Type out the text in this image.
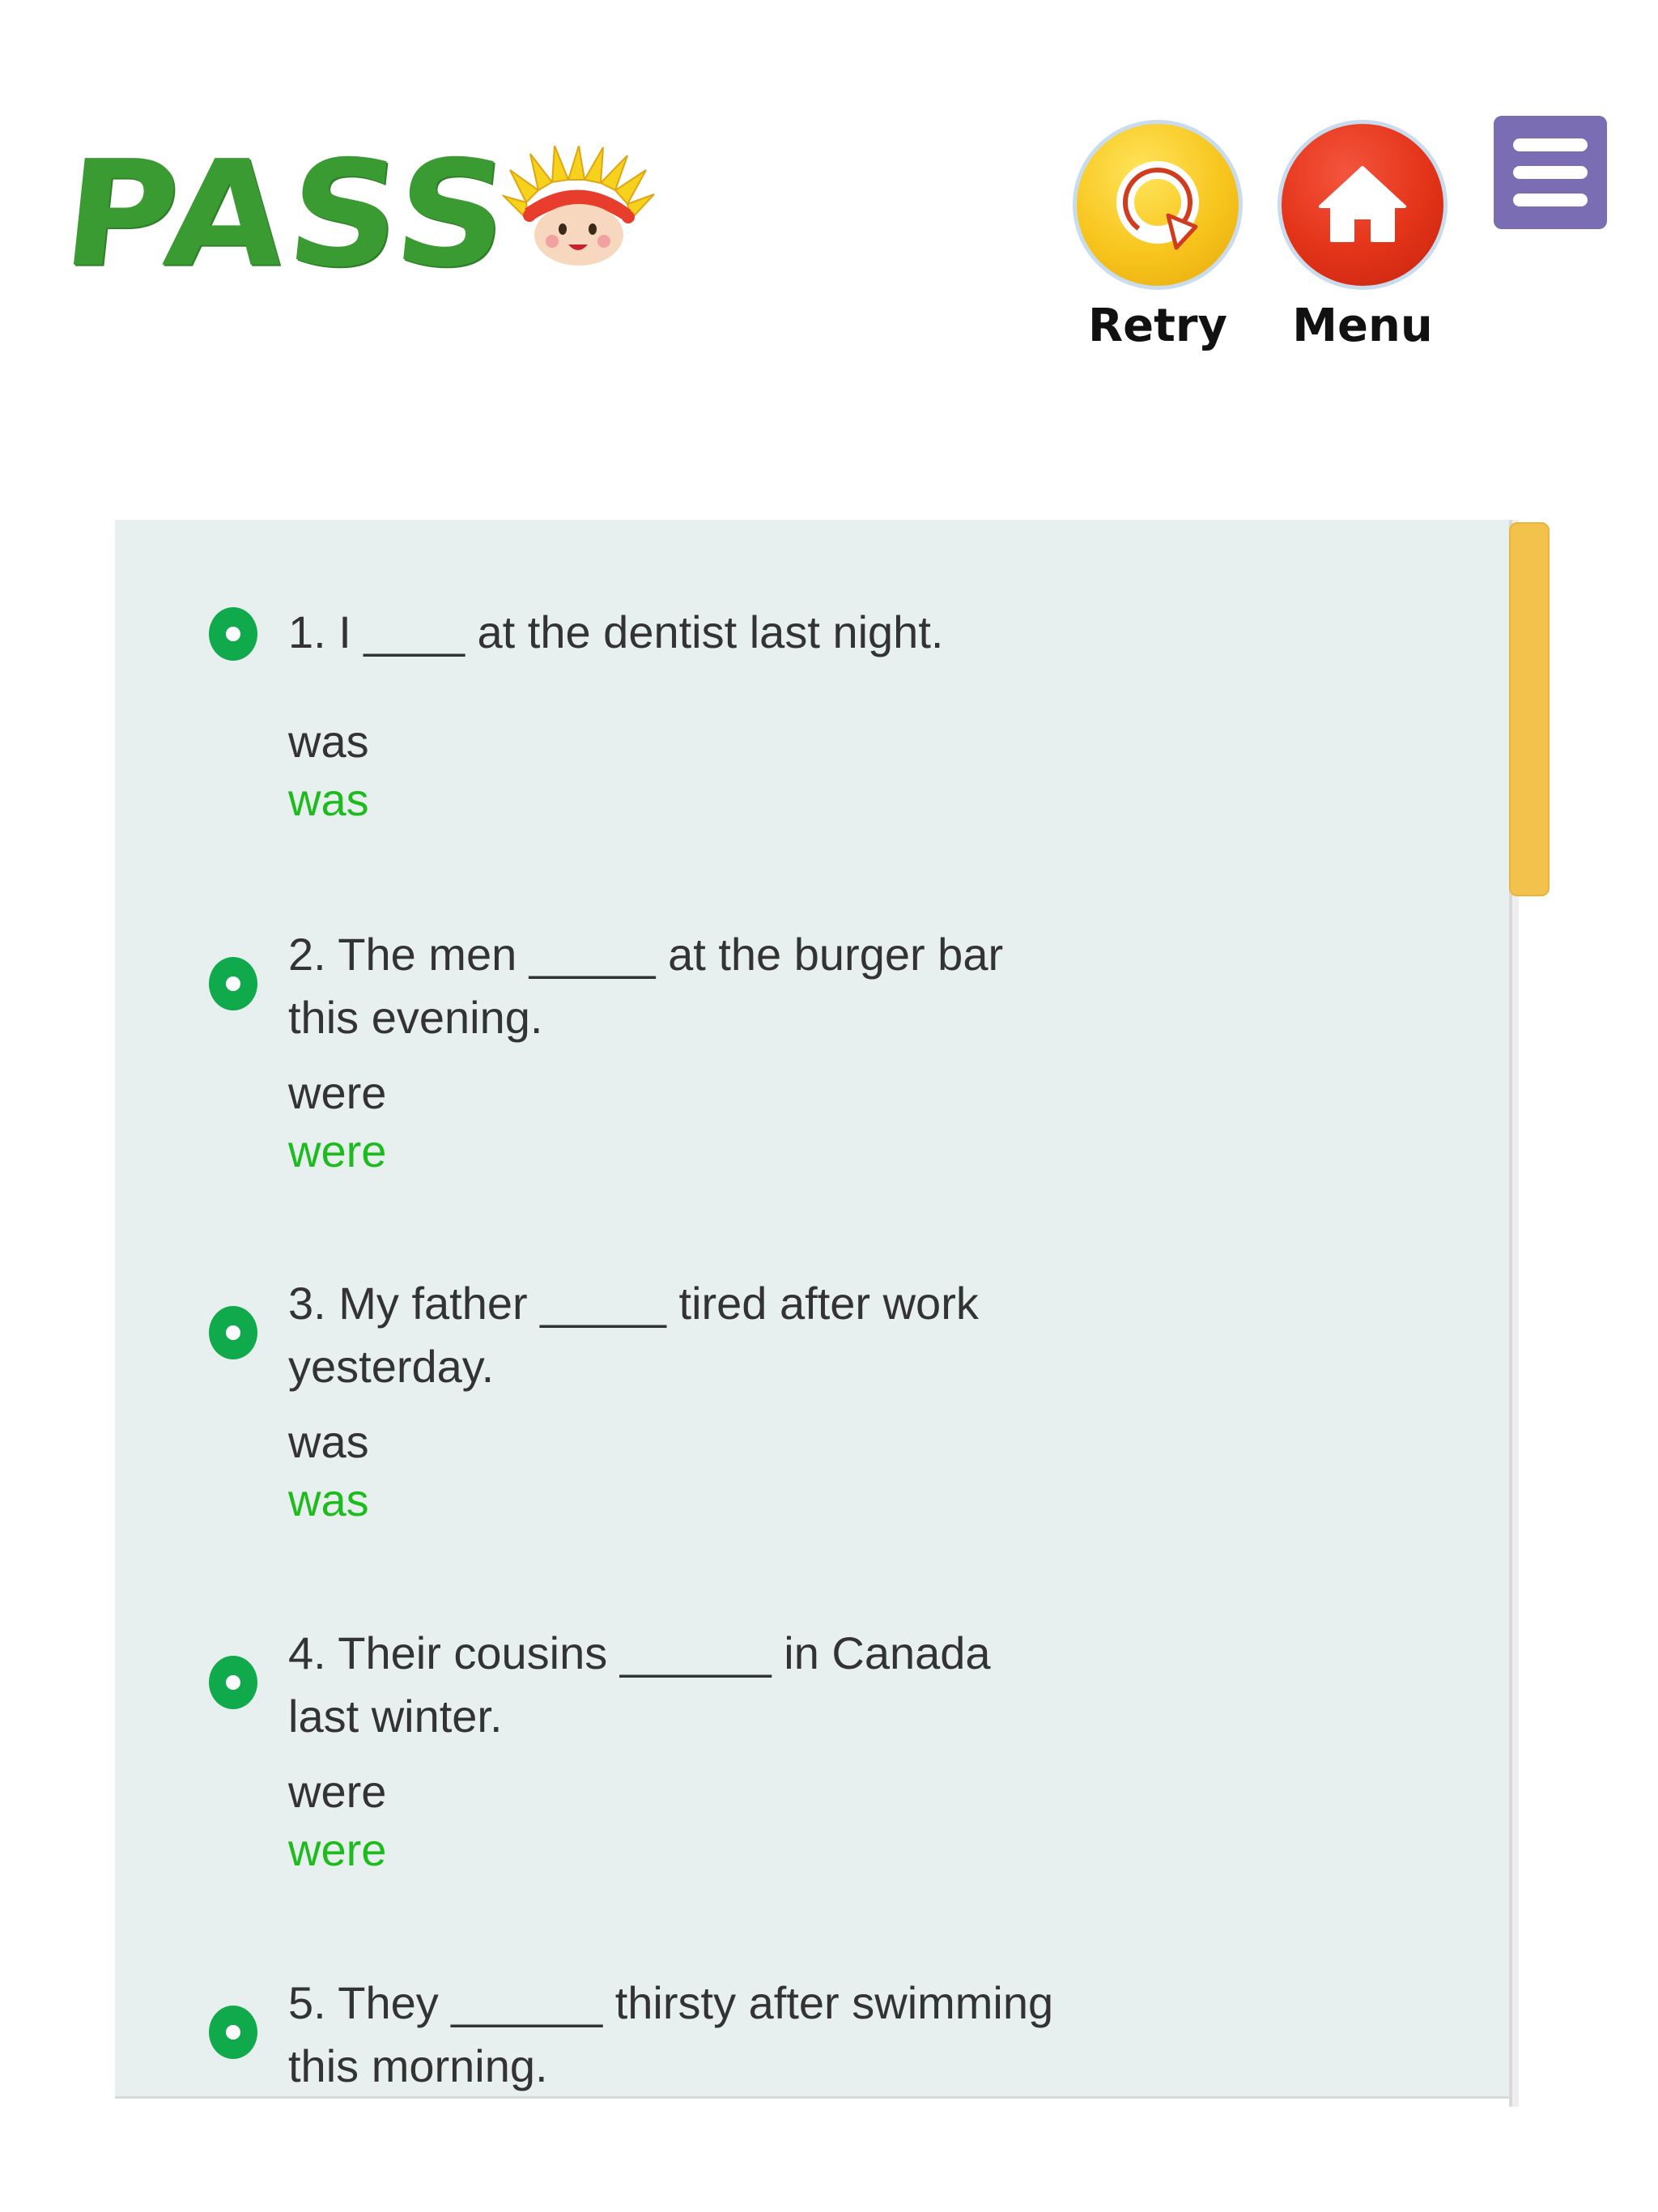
PASS
Retry Menu
1. I ____ at the dentist last night.
was
was
2. The men _____ at the burger bar this evening.
were
were
3. My father _____ tired after work yesterday.
was
was
4. Their cousins ______ in Canada last winter.
were
were
5. They ______ thirsty after swimming this morning.
